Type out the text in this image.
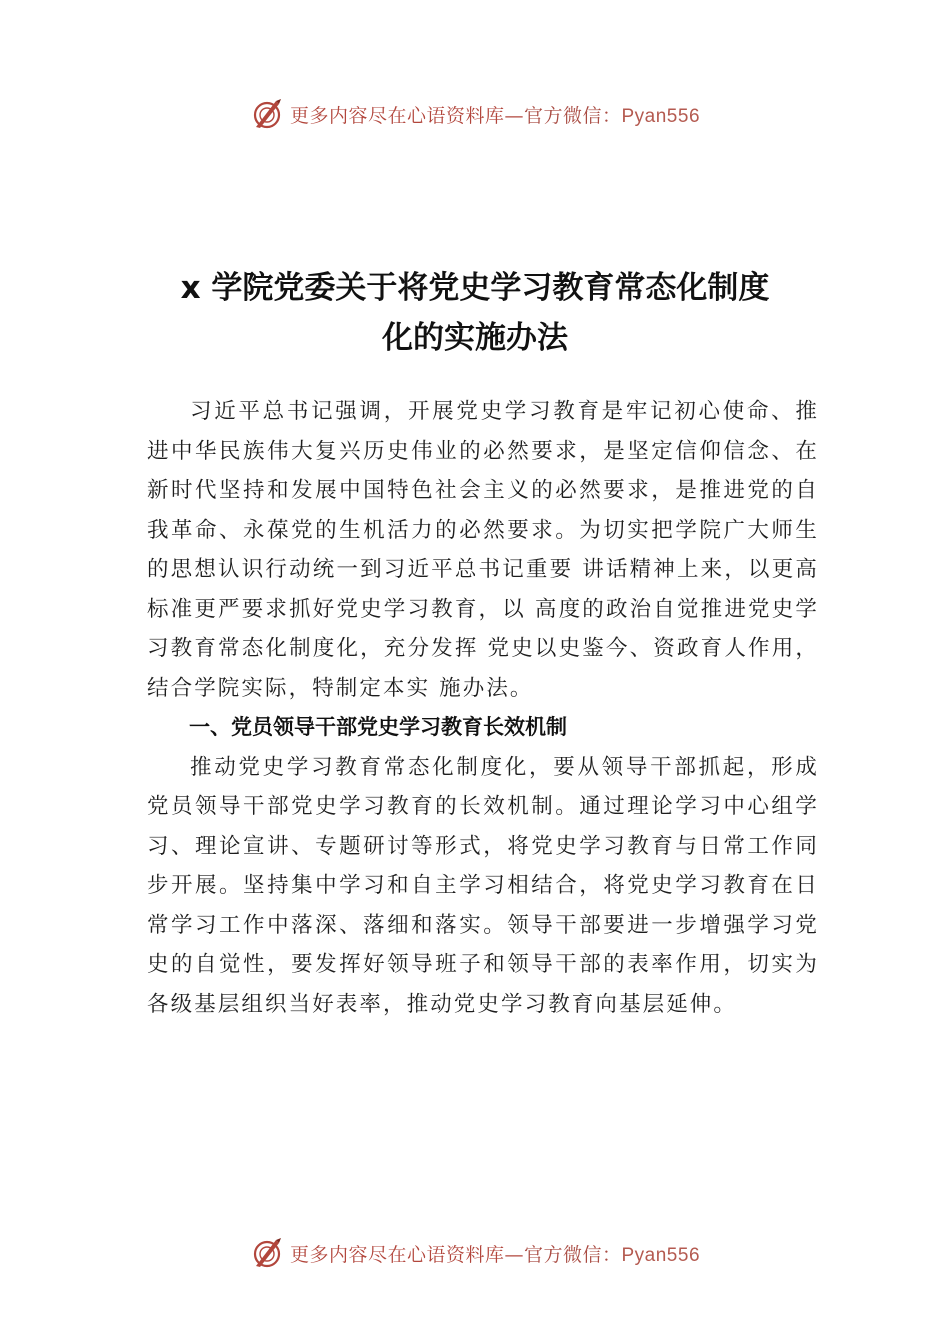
更多内容尽在心语资料库—官方微信：Pyan556
x 学院党委关于将党史学习教育常态化制度
化的实施办法

习近平总书记强调，开展党史学习教育是牢记初心使命、推进中华民族伟大复兴历史伟业的必然要求，是坚定信仰信念、在新时代坚持和发展中国特色社会主义的必然要求，是推进党的自我革命、永葆党的生机活力的必然要求。为切实把学院广大师生的思想认识行动统一到习近平总书记重要 讲话精神上来，以更高标准更严要求抓好党史学习教育，以 高度的政治自觉推进党史学习教育常态化制度化，充分发挥 党史以史鉴今、资政育人作用，结合学院实际，特制定本实 施办法。

一、党员领导干部党史学习教育长效机制

推动党史学习教育常态化制度化，要从领导干部抓起，形成党员领导干部党史学习教育的长效机制。通过理论学习中心组学习、理论宣讲、专题研讨等形式，将党史学习教育与日常工作同步开展。坚持集中学习和自主学习相结合，将党史学习教育在日常学习工作中落深、落细和落实。领导干部要进一步增强学习党史的自觉性，要发挥好领导班子和领导干部的表率作用，切实为各级基层组织当好表率，推动党史学习教育向基层延伸。

更多内容尽在心语资料库—官方微信：Pyan556
